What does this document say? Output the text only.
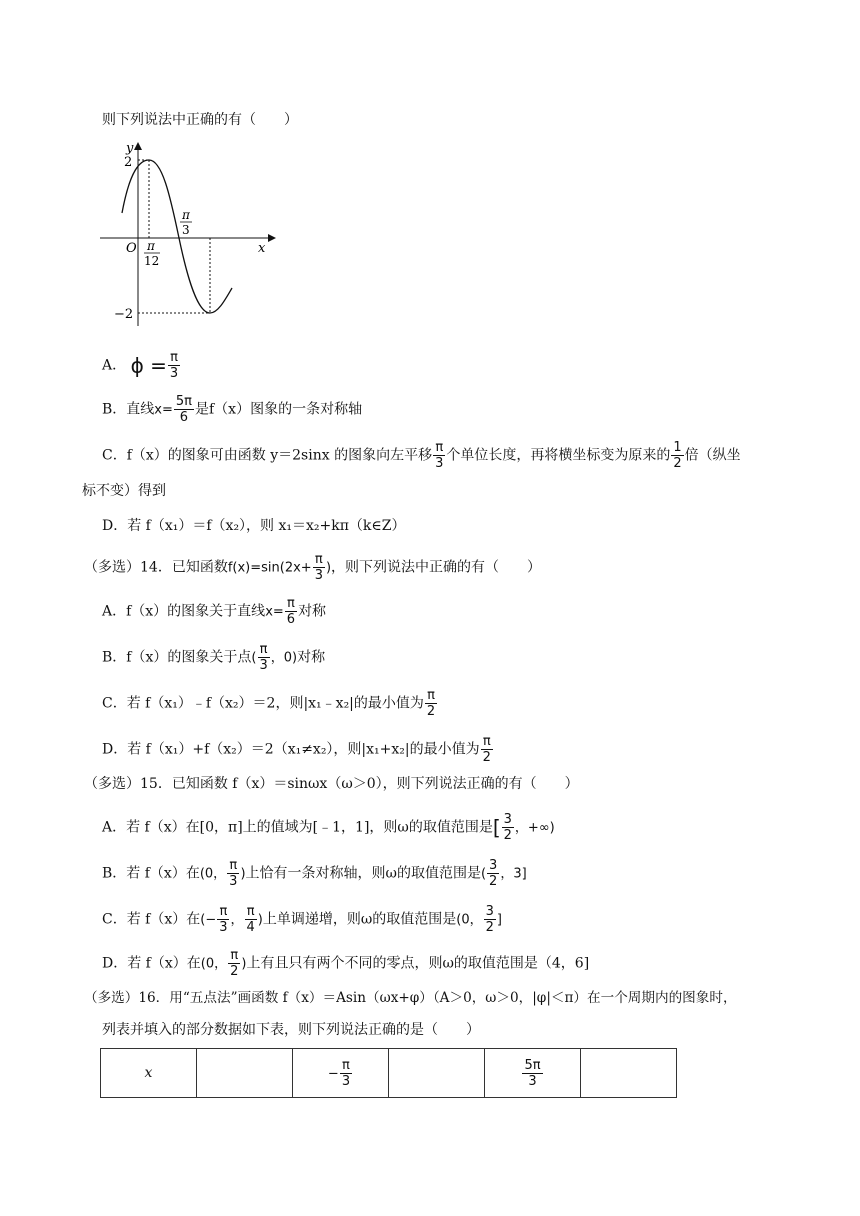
则下列说法中正确的有（　　）
y
x
O
2
−2
π
12
π
3
A． $\phi = \frac{\pi}{3}$
B．直线$x= \frac{5\pi}{6}$ 是f（x）图象的一条对称轴
C．f（x）的图象可由函数 y＝2sinx 的图象向左平移 $\frac{\pi}{3}$ 个单位长度，再将横坐标变为原来的 $\frac{1}{2}$ 倍（纵坐
标不变）得到
D．若 f（x₁）＝f（x₂），则 x₁＝x₂+kπ（k∈Z）
（多选）14．已知函数$f(x)=\sin(2x+ \frac{\pi}{3}$ )，则下列说法中正确的有（　　）
A．f（x）的图象关于直线$x= \frac{\pi}{6}$ 对称
B．f（x）的图象关于点( $\frac{\pi}{3}$ ，0)对称
C．若 f（x₁）﹣f（x₂）＝2，则|x₁﹣x₂|的最小值为 $\frac{\pi}{2}$
D．若 f（x₁）+f（x₂）＝2（x₁≠x₂），则|x₁+x₂|的最小值为 $\frac{\pi}{2}$
（多选）15．已知函数 f（x）＝sinωx（ω＞0），则下列说法正确的有（　　）
A．若 f（x）在[0，π]上的值域为[﹣1，1]，则ω的取值范围是[ $\frac{3}{2}$ ，+∞)
B．若 f（x）在(0， $\frac{\pi}{3}$ )上恰有一条对称轴，则ω的取值范围是( $\frac{3}{2}$ ，3]
C．若 f（x）在(− $\frac{\pi}{3}$ ， $\frac{\pi}{4}$ )上单调递增，则ω的取值范围是(0， $\frac{3}{2}$ ]
D．若 f（x）在(0， $\frac{\pi}{2}$ )上有且只有两个不同的零点，则ω的取值范围是（4，6]
（多选）16．用“五点法”画函数 f（x）＝Asin（ωx+φ）（A＞0，ω＞0，|φ|＜π）在一个周期内的图象时，
列表并填入的部分数据如下表，则下列说法正确的是（　　）
x		− $\frac{\pi}{3}$		$\frac{5\pi}{3}$
